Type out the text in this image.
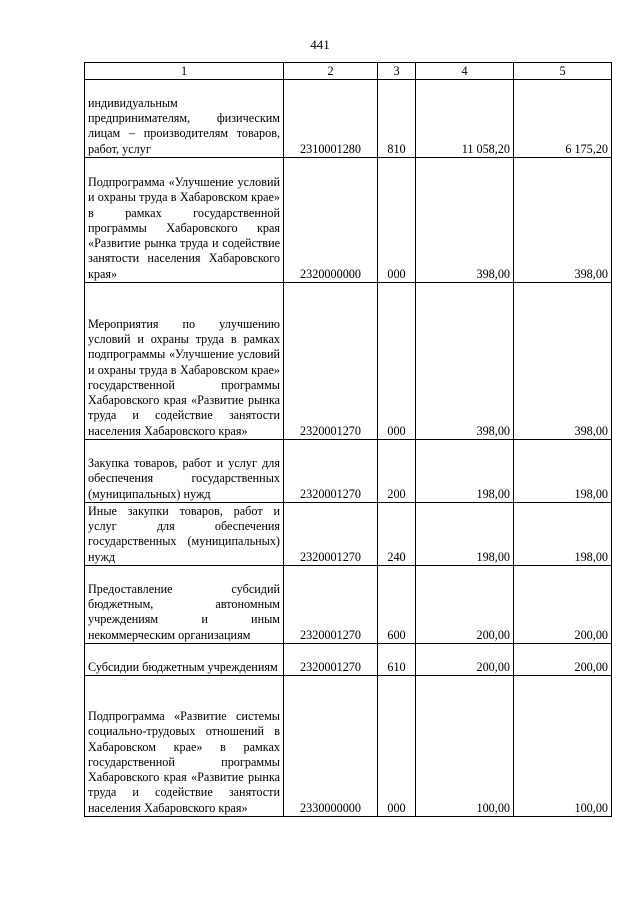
441
1	2	3	4	5
индивидуальным предпринимателям, физическим лицам – производителям товаров, работ, услуг	2310001280	810	11 058,20	6 175,20
Подпрограмма «Улучшение условий и охраны труда в Хабаровском крае» в рамках государственной программы Хабаровского края «Развитие рынка труда и содействие занятости населения Хабаровского края»	2320000000	000	398,00	398,00
Мероприятия по улучшению условий и охраны труда в рамках подпрограммы «Улучшение условий и охраны труда в Хабаровском крае» государственной программы Хабаровского края «Развитие рынка труда и содействие занятости населения Хабаровского края»	2320001270	000	398,00	398,00
Закупка товаров, работ и услуг для обеспечения государственных (муниципальных) нужд	2320001270	200	198,00	198,00
Иные закупки товаров, работ и услуг для обеспечения государственных (муниципальных) нужд	2320001270	240	198,00	198,00
Предоставление субсидий бюджетным, автономным учреждениям и иным некоммерческим организациям	2320001270	600	200,00	200,00
Субсидии бюджетным учреждениям	2320001270	610	200,00	200,00
Подпрограмма «Развитие системы социально-трудовых отношений в Хабаровском крае» в рамках государственной программы Хабаровского края «Развитие рынка труда и содействие занятости населения Хабаровского края»	2330000000	000	100,00	100,00
